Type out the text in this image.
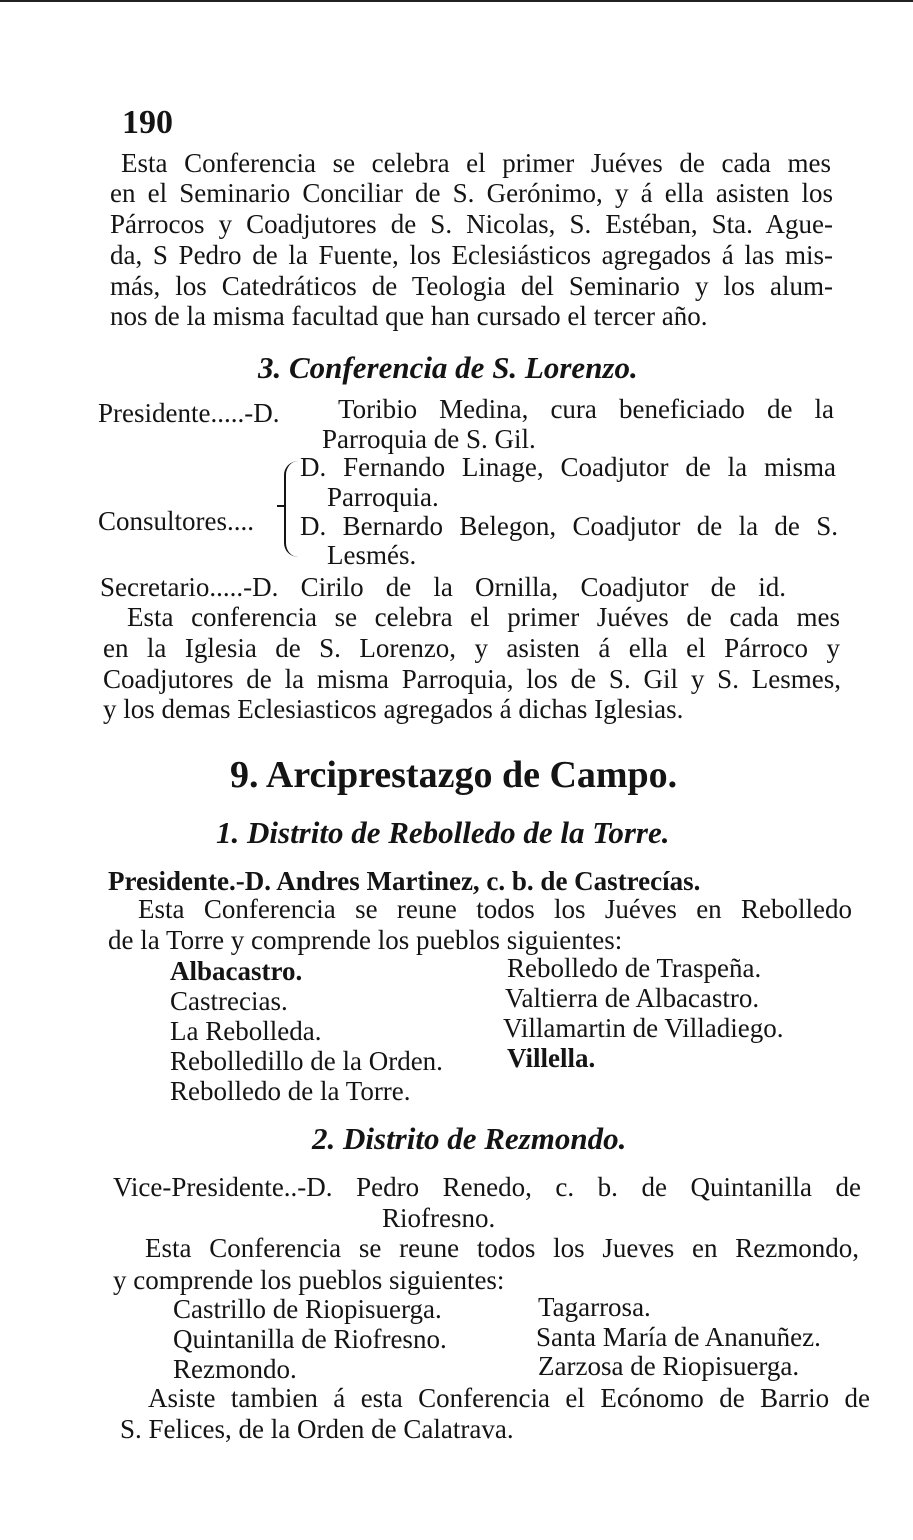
190
Esta Conferencia se celebra el primer Juéves de cada mes
en el Seminario Conciliar de S. Gerónimo, y á ella asisten los
Párrocos y Coadjutores de S. Nicolas, S. Estéban, Sta. Ague-
da, S Pedro de la Fuente, los Eclesiásticos agregados á las mis-
más, los Catedráticos de Teologia del Seminario y los alum-
nos de la misma facultad que han cursado el tercer año.
3. Conferencia de S. Lorenzo.
Presidente.....-D. Toribio Medina, cura beneficiado de la
Parroquia de S. Gil.
Consultores....
D. Fernando Linage, Coadjutor de la misma
Parroquia.
D. Bernardo Belegon, Coadjutor de la de S.
Lesmés.
Secretario.....-D. Cirilo de la Ornilla, Coadjutor de id.
Esta conferencia se celebra el primer Juéves de cada mes
en la Iglesia de S. Lorenzo, y asisten á ella el Párroco y
Coadjutores de la misma Parroquia, los de S. Gil y S. Lesmes,
y los demas Eclesiasticos agregados á dichas Iglesias.
9. Arciprestazgo de Campo.
1. Distrito de Rebolledo de la Torre.
Presidente.-D. Andres Martinez, c. b. de Castrecías.
Esta Conferencia se reune todos los Juéves en Rebolledo
de la Torre y comprende los pueblos siguientes:
Albacastro.
Castrecias.
La Rebolleda.
Rebolledillo de la Orden.
Rebolledo de la Torre.
Rebolledo de Traspeña.
Valtierra de Albacastro.
Villamartin de Villadiego.
Villella.
2. Distrito de Rezmondo.
Vice-Presidente..-D. Pedro Renedo, c. b. de Quintanilla de
Riofresno.
Esta Conferencia se reune todos los Jueves en Rezmondo,
y comprende los pueblos siguientes:
Castrillo de Riopisuerga.
Quintanilla de Riofresno.
Rezmondo.
Tagarrosa.
Santa María de Ananuñez.
Zarzosa de Riopisuerga.
Asiste tambien á esta Conferencia el Ecónomo de Barrio de
S. Felices, de la Orden de Calatrava.
